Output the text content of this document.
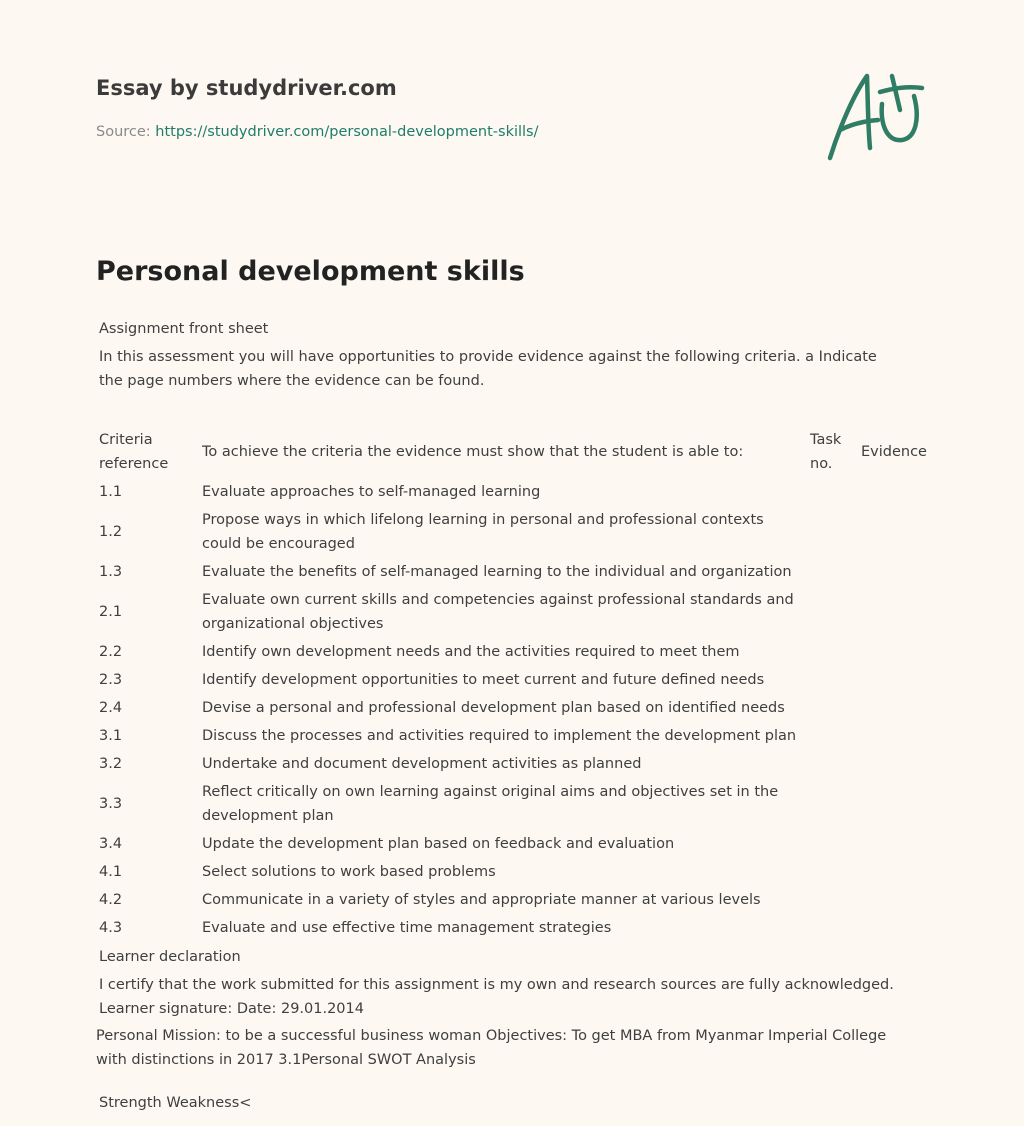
Essay by studydriver.com
Source: https://studydriver.com/personal-development-skills/
Personal development skills
Assignment front sheet
In this assessment you will have opportunities to provide evidence against the following criteria. a Indicate the page numbers where the evidence can be found.
Criteria reference	To achieve the criteria the evidence must show that the student is able to:	Task no.	Evidence
1.1	Evaluate approaches to self-managed learning		
1.2	Propose ways in which lifelong learning in personal and professional contexts could be encouraged		
1.3	Evaluate the benefits of self-managed learning to the individual and organization		
2.1	Evaluate own current skills and competencies against professional standards and organizational objectives		
2.2	Identify own development needs and the activities required to meet them		
2.3	Identify development opportunities to meet current and future defined needs		
2.4	Devise a personal and professional development plan based on identified needs		
3.1	Discuss the processes and activities required to implement the development plan		
3.2	Undertake and document development activities as planned		
3.3	Reflect critically on own learning against original aims and objectives set in the development plan		
3.4	Update the development plan based on feedback and evaluation		
4.1	Select solutions to work based problems		
4.2	Communicate in a variety of styles and appropriate manner at various levels		
4.3	Evaluate and use effective time management strategies		
Learner declaration
I certify that the work submitted for this assignment is my own and research sources are fully acknowledged.
Learner signature: Date: 29.01.2014
Personal Mission: to be a successful business woman Objectives: To get MBA from Myanmar Imperial College with distinctions in 2017 3.1Personal SWOT Analysis
Strength Weakness<
